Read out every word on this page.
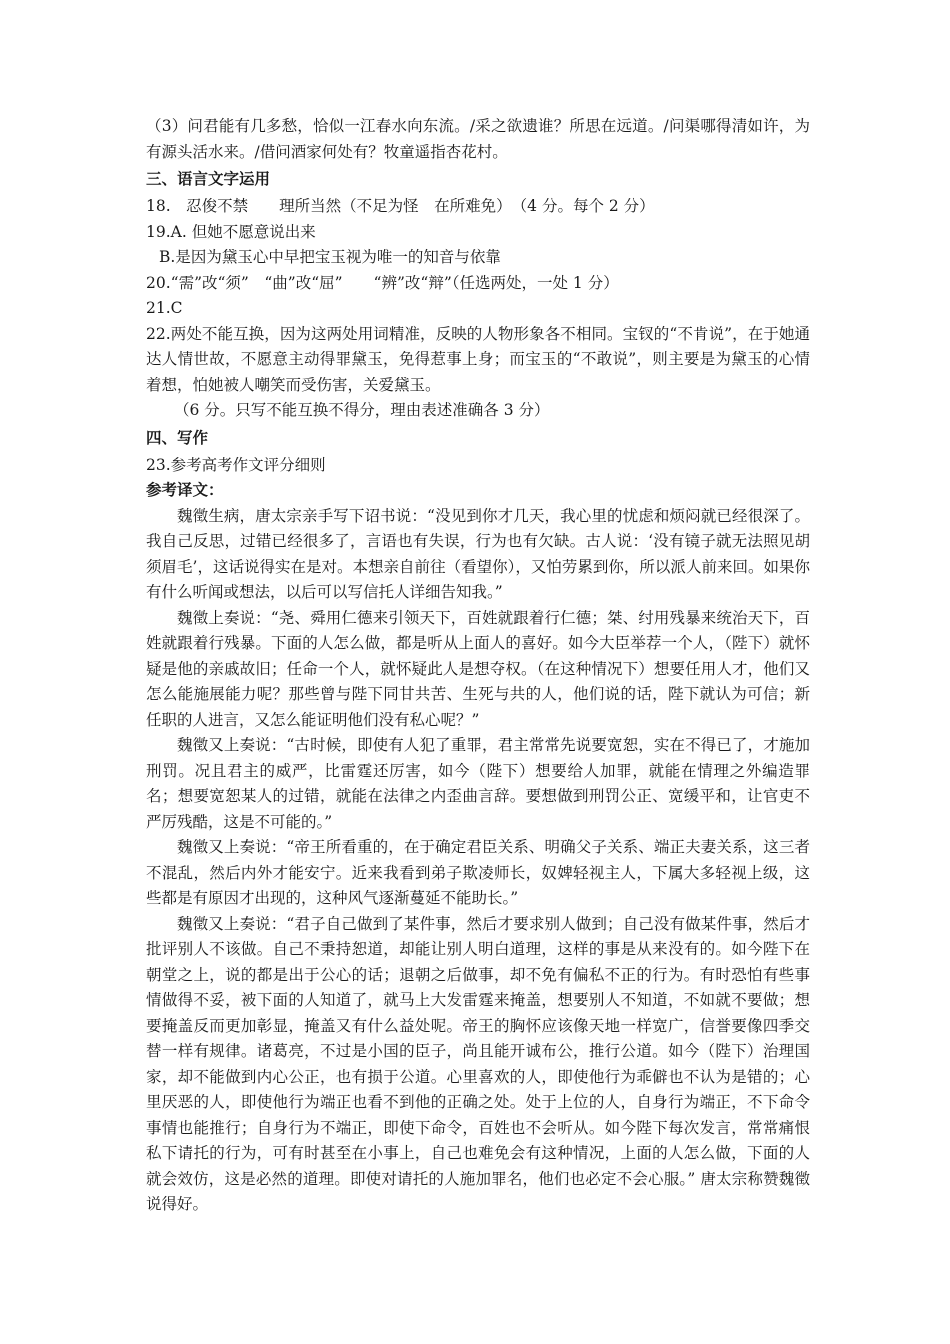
（3）问君能有几多愁，恰似一江春水向东流。/采之欲遗谁？所思在远道。/问渠哪得清如许，为有源头活水来。/借问酒家何处有？牧童遥指杏花村。
三、语言文字运用
18.　忍俊不禁　　理所当然（不足为怪　在所难免）　（4 分。每个 2 分）
19.A. 但她不愿意说出来
B.是因为黛玉心中早把宝玉视为唯一的知音与依靠
20.“需”改“须”　“曲”改“屈”　　“辨”改“辩”（任选两处，一处 1 分）
21.C
22.两处不能互换，因为这两处用词精准，反映的人物形象各不相同。宝钗的“不肯说”，在于她通达人情世故，不愿意主动得罪黛玉，免得惹事上身；而宝玉的“不敢说”，则主要是为黛玉的心情着想，怕她被人嘲笑而受伤害，关爱黛玉。
（6 分。只写不能互换不得分，理由表述准确各 3 分）
四、写作
23.参考高考作文评分细则
参考译文：
魏徵生病，唐太宗亲手写下诏书说：“没见到你才几天，我心里的忧虑和烦闷就已经很深了。我自己反思，过错已经很多了，言语也有失误，行为也有欠缺。古人说：‘没有镜子就无法照见胡须眉毛’，这话说得实在是对。本想亲自前往（看望你），又怕劳累到你，所以派人前来回。如果你有什么听闻或想法，以后可以写信托人详细告知我。”
魏徵上奏说：“尧、舜用仁德来引领天下，百姓就跟着行仁德；桀、纣用残暴来统治天下，百姓就跟着行残暴。下面的人怎么做，都是听从上面人的喜好。如今大臣举荐一个人，（陛下）就怀疑是他的亲戚故旧；任命一个人，就怀疑此人是想夺权。（在这种情况下）想要任用人才，他们又怎么能施展能力呢？那些曾与陛下同甘共苦、生死与共的人，他们说的话，陛下就认为可信；新任职的人进言，又怎么能证明他们没有私心呢？”
魏徵又上奏说：“古时候，即使有人犯了重罪，君主常常先说要宽恕，实在不得已了，才施加刑罚。况且君主的威严，比雷霆还厉害，如今（陛下）想要给人加罪，就能在情理之外编造罪名；想要宽恕某人的过错，就能在法律之内歪曲言辞。要想做到刑罚公正、宽缓平和，让官吏不严厉残酷，这是不可能的。”
魏徵又上奏说：“帝王所看重的，在于确定君臣关系、明确父子关系、端正夫妻关系，这三者不混乱，然后内外才能安宁。近来我看到弟子欺凌师长，奴婢轻视主人，下属大多轻视上级，这些都是有原因才出现的，这种风气逐渐蔓延不能助长。”
魏徵又上奏说：“君子自己做到了某件事，然后才要求别人做到；自己没有做某件事，然后才批评别人不该做。自己不秉持恕道，却能让别人明白道理，这样的事是从来没有的。如今陛下在朝堂之上，说的都是出于公心的话；退朝之后做事，却不免有偏私不正的行为。有时恐怕有些事情做得不妥，被下面的人知道了，就马上大发雷霆来掩盖，想要别人不知道，不如就不要做；想要掩盖反而更加彰显，掩盖又有什么益处呢。帝王的胸怀应该像天地一样宽广，信誉要像四季交替一样有规律。诸葛亮，不过是小国的臣子，尚且能开诚布公，推行公道。如今（陛下）治理国家，却不能做到内心公正，也有损于公道。心里喜欢的人，即使他行为乖僻也不认为是错的；心里厌恶的人，即使他行为端正也看不到他的正确之处。处于上位的人，自身行为端正，不下命令事情也能推行；自身行为不端正，即使下命令，百姓也不会听从。如今陛下每次发言，常常痛恨私下请托的行为，可有时甚至在小事上，自己也难免会有这种情况，上面的人怎么做，下面的人就会效仿，这是必然的道理。即使对请托的人施加罪名，他们也必定不会心服。” 唐太宗称赞魏徵说得好。
